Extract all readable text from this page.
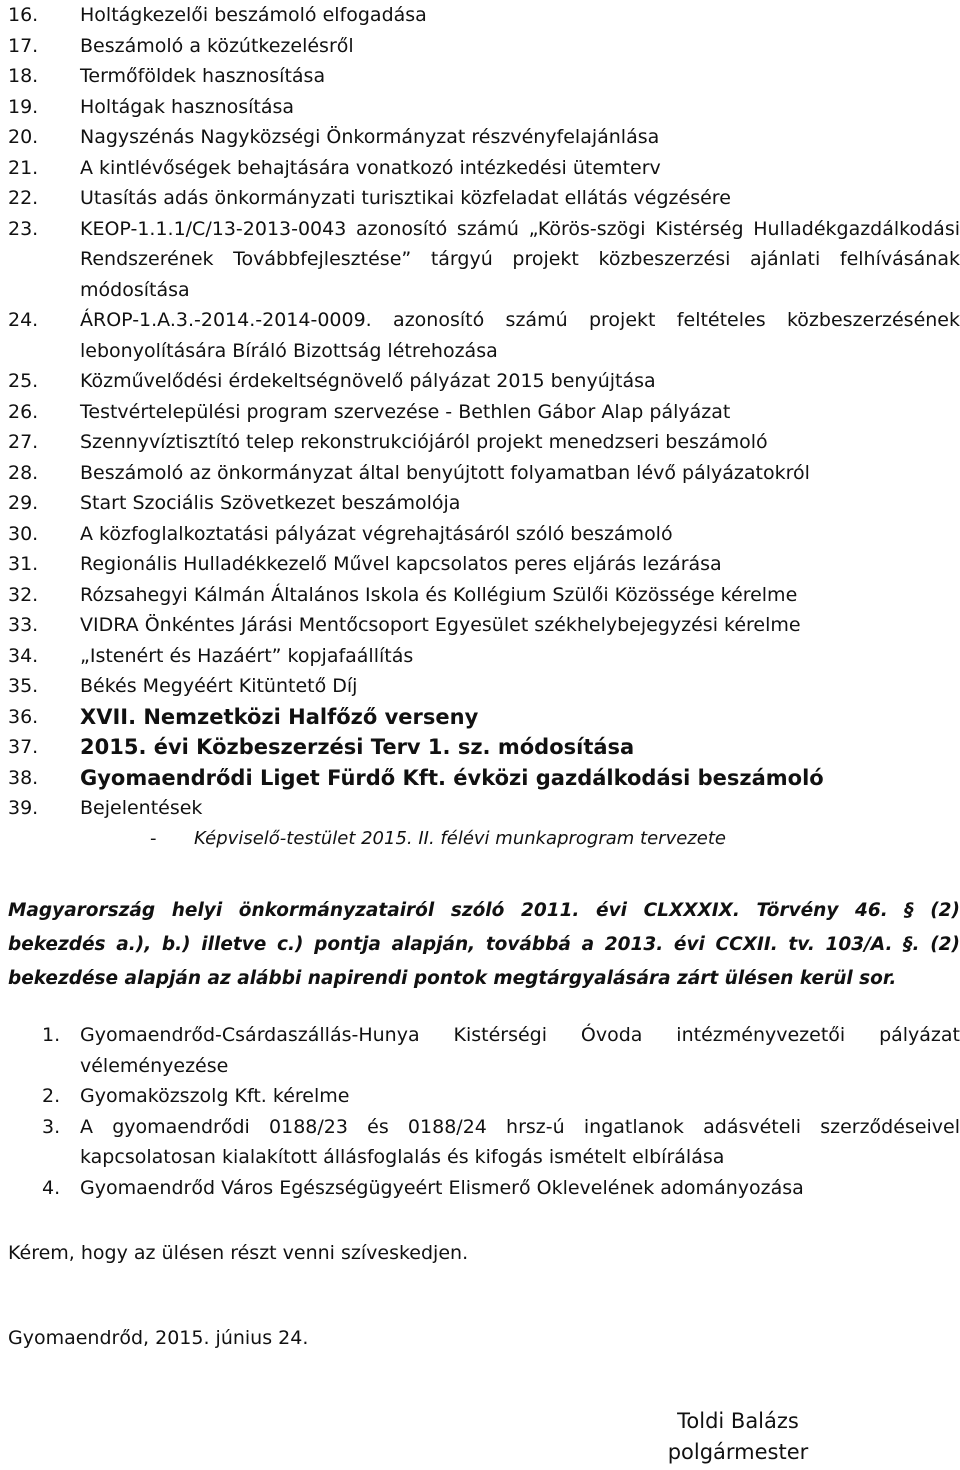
16.	Holtágkezelői beszámoló elfogadása
17.	Beszámoló a közútkezelésről
18.	Termőföldek hasznosítása
19.	Holtágak hasznosítása
20.	Nagyszénás Nagyközségi Önkormányzat részvényfelajánlása
21.	A kintlévőségek behajtására vonatkozó intézkedési ütemterv
22.	Utasítás adás önkormányzati turisztikai közfeladat ellátás végzésére
23.	KEOP-1.1.1/C/13-2013-0043 azonosító számú „Körös-szögi Kistérség Hulladékgazdálkodási Rendszerének Továbbfejlesztése” tárgyú projekt közbeszerzési ajánlati felhívásának módosítása
24.	ÁROP-1.A.3.-2014.-2014-0009. azonosító számú projekt feltételes közbeszerzésének lebonyolítására Bíráló Bizottság létrehozása
25.	Közművelődési érdekeltségnövelő pályázat 2015 benyújtása
26.	Testvértelepülési program szervezése - Bethlen Gábor Alap pályázat
27.	Szennyvíztisztító telep rekonstrukciójáról projekt menedzseri beszámoló
28.	Beszámoló az önkormányzat által benyújtott folyamatban lévő pályázatokról
29.	Start Szociális Szövetkezet beszámolója
30.	A közfoglalkoztatási pályázat végrehajtásáról szóló beszámoló
31.	Regionális Hulladékkezelő Művel kapcsolatos peres eljárás lezárása
32.	Rózsahegyi Kálmán Általános Iskola és Kollégium Szülői Közössége kérelme
33.	VIDRA Önkéntes Járási Mentőcsoport Egyesület székhelybejegyzési kérelme
34.	„Istenért és Hazáért” kopjafaállítás
35.	Békés Megyéért Kitüntető Díj
36.	XVII. Nemzetközi Halfőző verseny
37.	2015. évi Közbeszerzési Terv 1. sz. módosítása
38.	Gyomaendrődi Liget Fürdő Kft. évközi gazdálkodási beszámoló
39.	Bejelentések
- Képviselő-testület 2015. II. félévi munkaprogram tervezete
Magyarország helyi önkormányzatairól szóló 2011. évi CLXXXIX. Törvény 46. § (2) bekezdés a.), b.) illetve c.) pontja alapján, továbbá a 2013. évi CCXII. tv. 103/A. §. (2) bekezdése alapján az alábbi napirendi pontok megtárgyalására zárt ülésen kerül sor.
1.	Gyomaendrőd-Csárdaszállás-Hunya Kistérségi Óvoda intézményvezetői pályázat véleményezése
2.	Gyomaközszolg Kft. kérelme
3.	A gyomaendrődi 0188/23 és 0188/24 hrsz-ú ingatlanok adásvételi szerződéseivel kapcsolatosan kialakított állásfoglalás és kifogás ismételt elbírálása
4.	Gyomaendrőd Város Egészségügyeért Elismerő Oklevelének adományozása
Kérem, hogy az ülésen részt venni szíveskedjen.
Gyomaendrőd, 2015. június 24.
Toldi Balázs
polgármester
